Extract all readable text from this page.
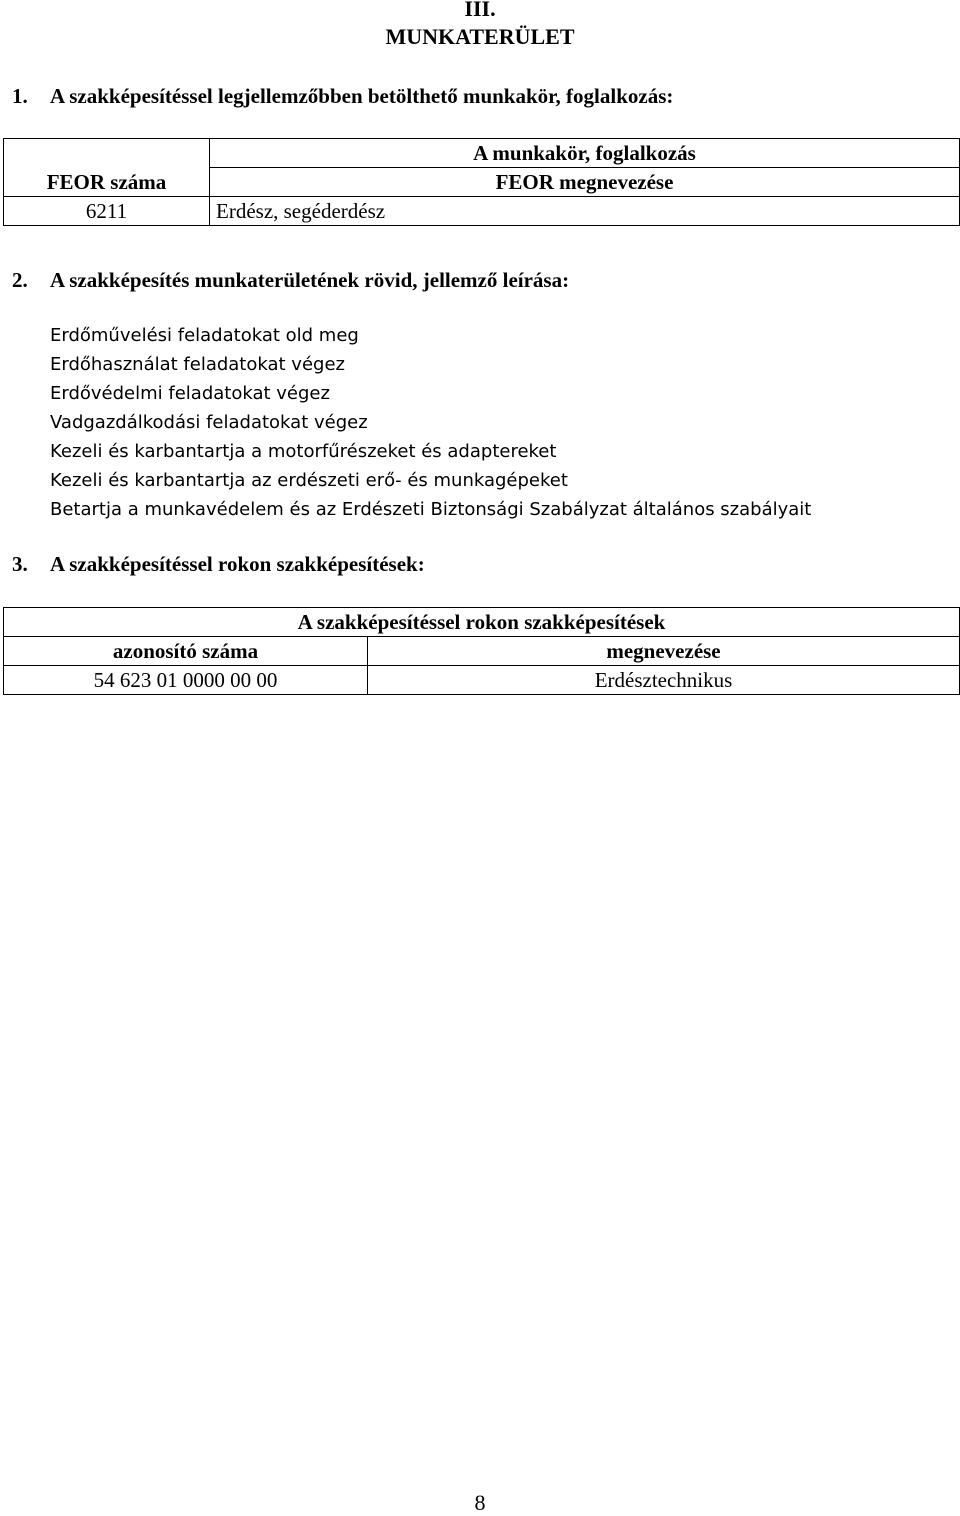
III.
MUNKATERÜLET
1. A szakképesítéssel legjellemzőbben betölthető munkakör, foglalkozás:
	A munkakör, foglalkozás
FEOR száma	FEOR megnevezése
6211	Erdész, segéderdész
2. A szakképesítés munkaterületének rövid, jellemző leírása:
Erdőművelési feladatokat old meg
Erdőhasználat feladatokat végez
Erdővédelmi feladatokat végez
Vadgazdálkodási feladatokat végez
Kezeli és karbantartja a motorfűrészeket és adaptereket
Kezeli és karbantartja az erdészeti erő- és munkagépeket
Betartja a munkavédelem és az Erdészeti Biztonsági Szabályzat általános szabályait
3. A szakképesítéssel rokon szakképesítések:
A szakképesítéssel rokon szakképesítések	
azonosító száma	megnevezése
54 623 01 0000 00 00	Erdésztechnikus
8
